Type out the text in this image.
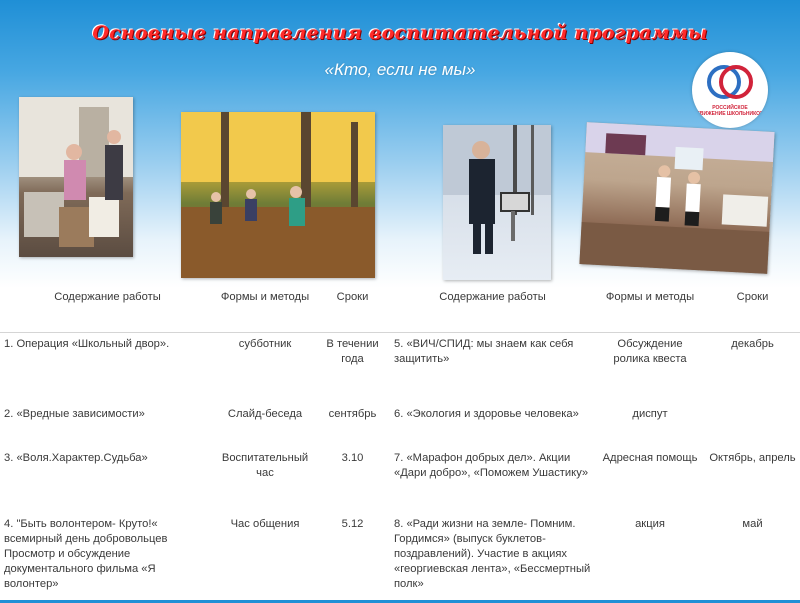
Основные направления воспитательной программы
«Кто, если не мы»
РОССИЙСКОЕ
ДВИЖЕНИЕ ШКОЛЬНИКОВ
Содержание работы	Формы и методы	Сроки	Содержание работы	Формы и методы	Сроки
1. Операция «Школьный двор».	субботник	В течении года	5. «ВИЧ/СПИД: мы знаем как себя защитить»	Обсуждение ролика квеста	декабрь
2. «Вредные зависимости»	Слайд-беседа	сентябрь	6. «Экология и здоровье человека»	диспут	
3. «Воля.Характер.Судьба»	Воспитательный час	3.10	7. «Марафон добрых дел». Акции «Дари добро», «Поможем Ушастику»	Адресная помощь	Октябрь, апрель
4. "Быть волонтером- Круто!« всемирный день добровольцев Просмотр и обсуждение документального фильма «Я волонтер»	Час общения	5.12	8. «Ради жизни на земле- Помним. Гордимся» (выпуск буклетов-поздравлений). Участие в акциях «георгиевская лента», «Бессмертный полк»	акция	май
